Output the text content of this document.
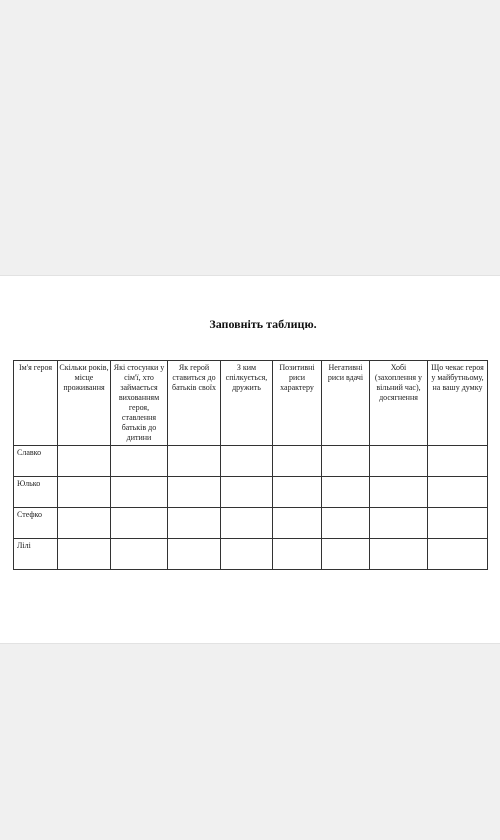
Заповніть таблицю.
Ім'я героя	Скільки років, місце проживання	Які стосунки у сім'ї, хто займається вихованням героя, ставлення батьків до дитини	Як герой ставиться до батьків своїх	З ким спілкується, дружить	Позитивні риси характеру	Негативні риси вдачі	Хобі (захоплення у вільний час), досягнення	Що чекає героя у майбутньому, на вашу думку
Славко								
Юлько								
Стефко								
Лілі								
